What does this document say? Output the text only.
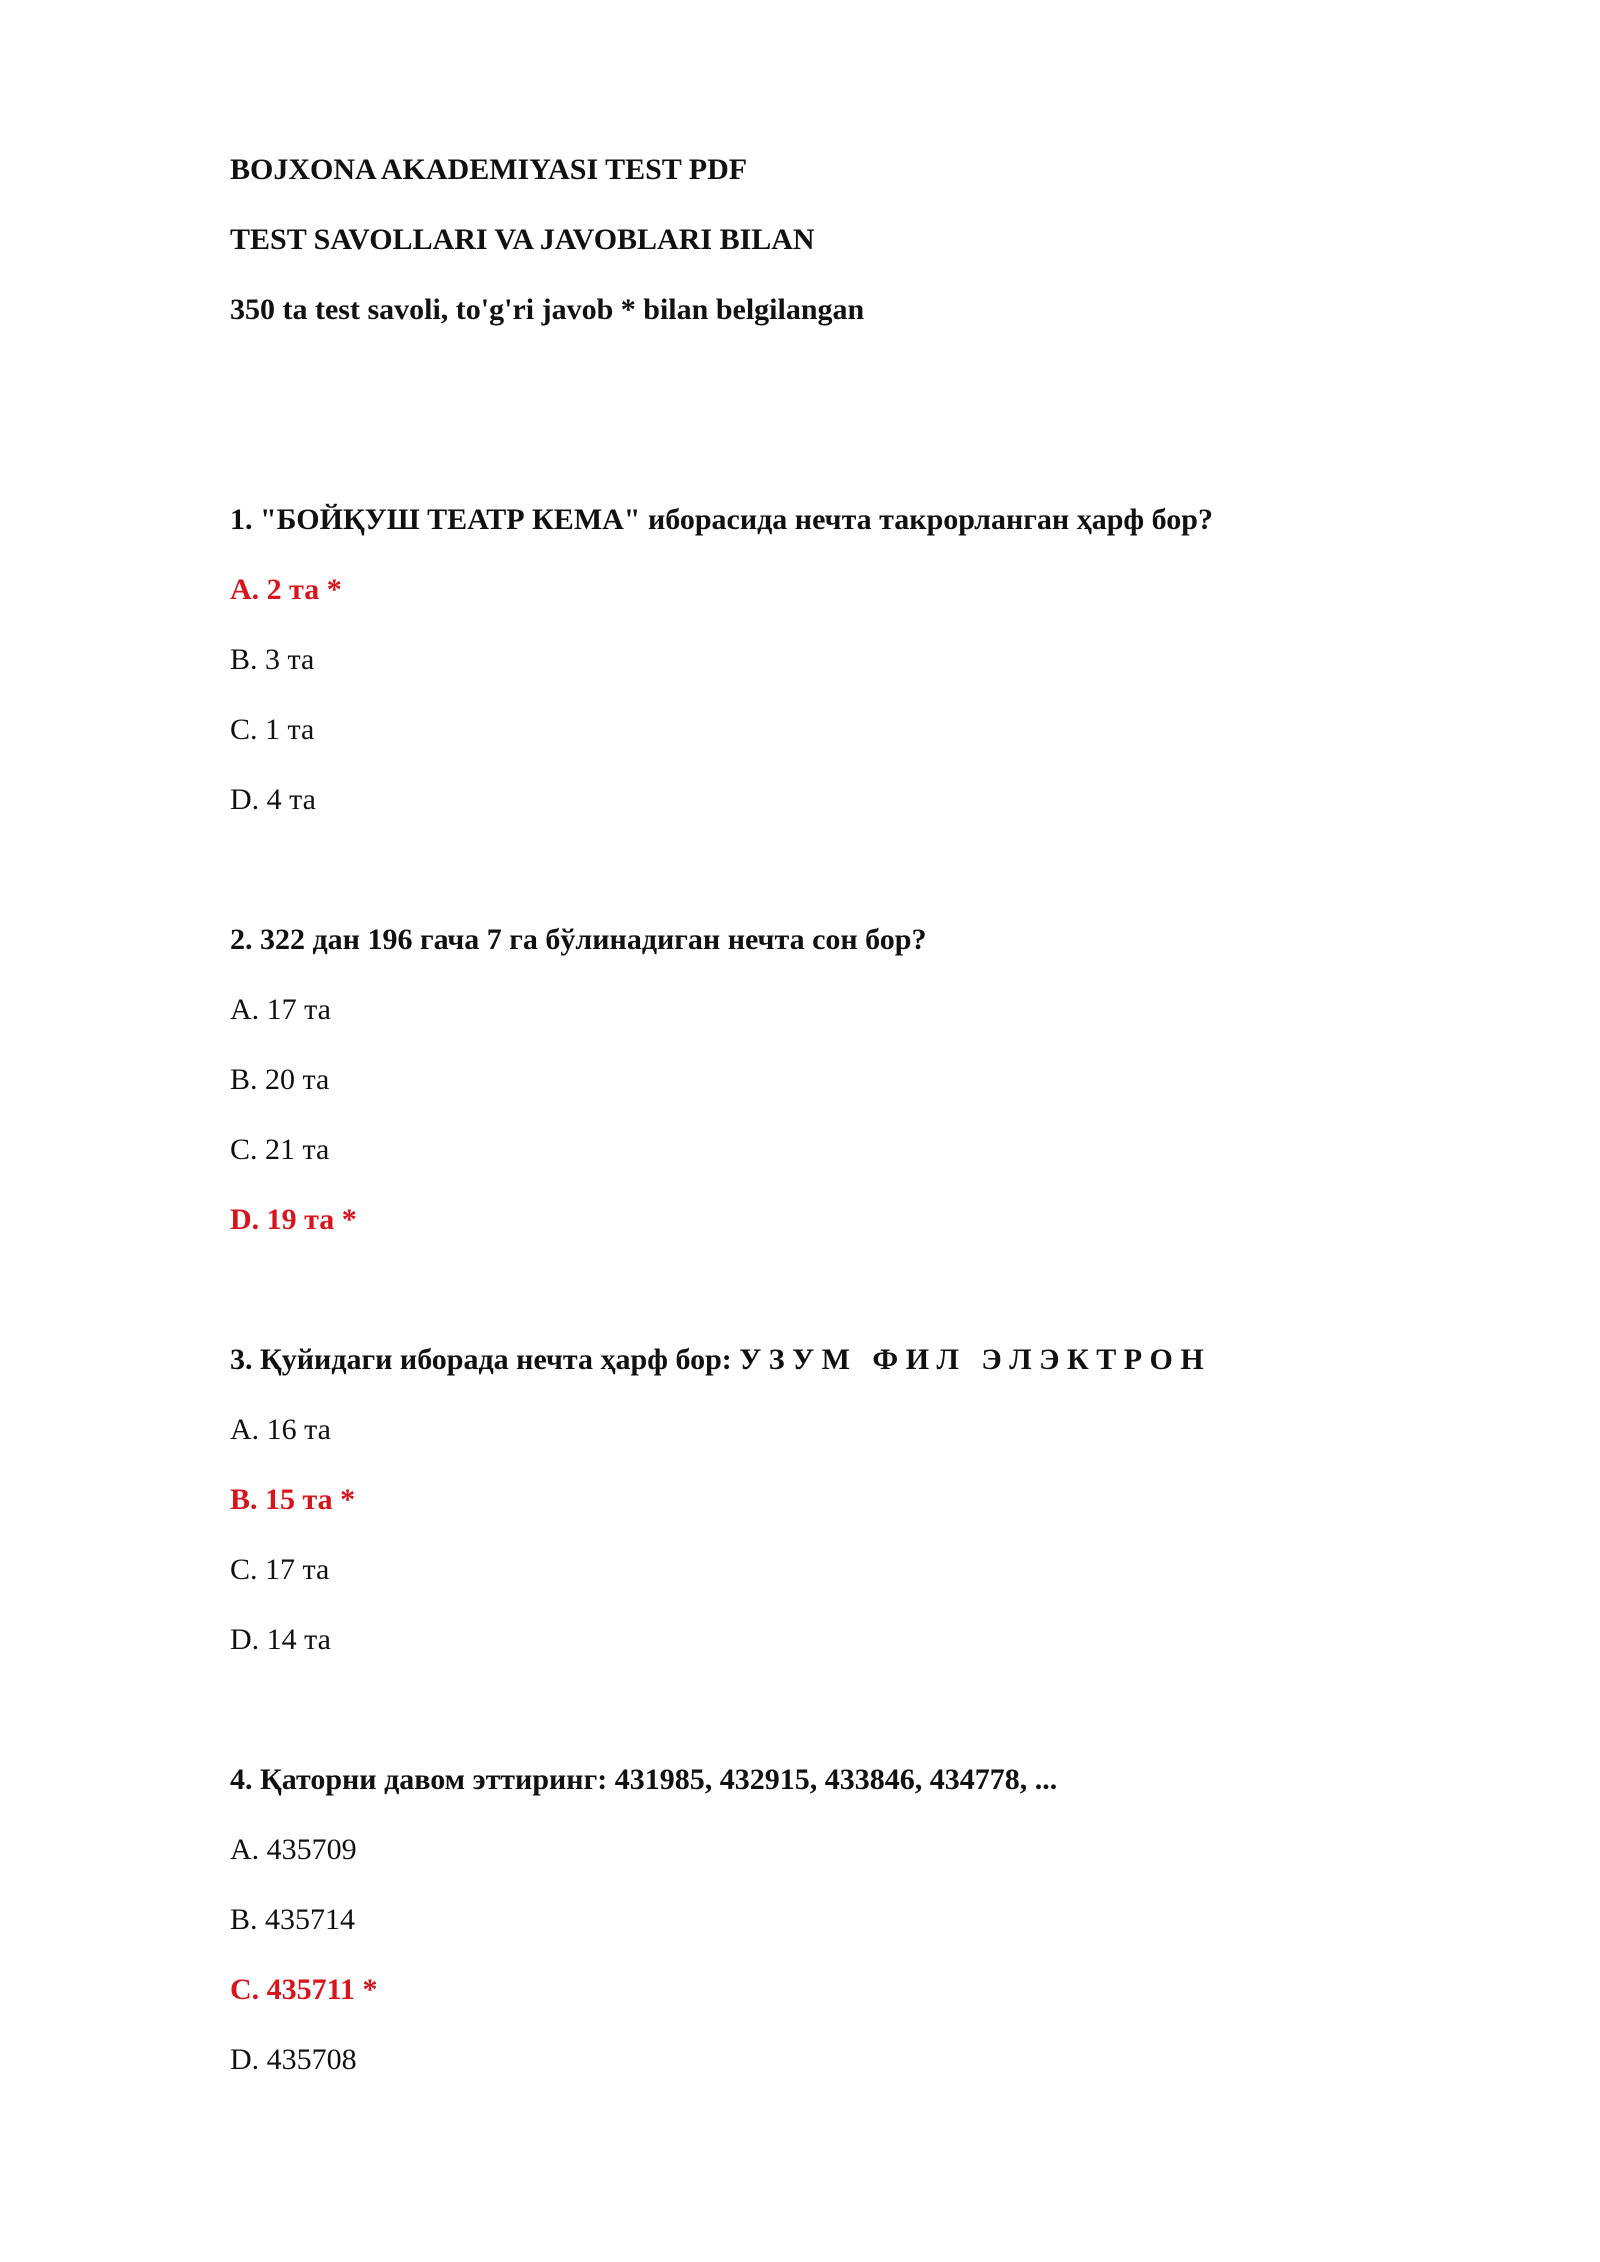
BOJXONA AKADEMIYASI TEST PDF
TEST SAVOLLARI VA JAVOBLARI BILAN
350 ta test savoli, to'g'ri javob * bilan belgilangan
1. "БОЙҚУШ ТЕАТР КЕМА" иборасида нечта такрорланган ҳарф бор?
A. 2 та *
B. 3 та
C. 1 та
D. 4 та
2. 322 дан 196 гача 7 га бўлинадиган нечта сон бор?
A. 17 та
B. 20 та
C. 21 та
D. 19 та *
3. Қуйидаги иборада нечта ҳарф бор: У З У М   Ф И Л   Э Л Э К Т Р О Н
A. 16 та
B. 15 та *
C. 17 та
D. 14 та
4. Қаторни давом эттиринг: 431985, 432915, 433846, 434778, ...
A. 435709
B. 435714
C. 435711 *
D. 435708
